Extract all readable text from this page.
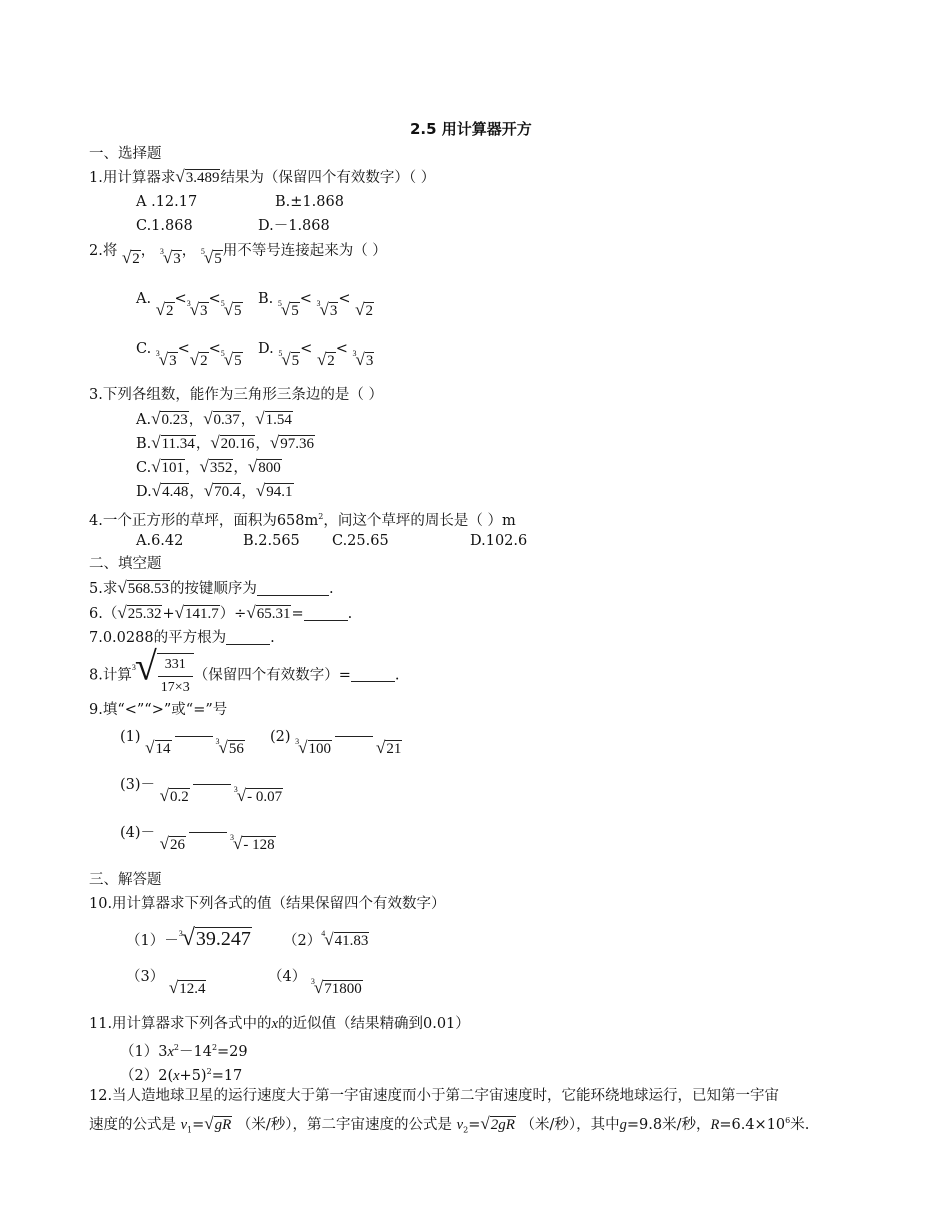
2.5 用计算器开方
一、选择题
1.用计算器求√3.489结果为（保留四个有效数字）（ ）
A .12.17	B.±1.868
C.1.868	D.－1.868
2.将 √2， $^3$√3， $^5$√5用不等号连接起来为（ ）
A. √2<$^3$√3<$^5$√5
B. $^5$√5< $^3$√3< √2
C. $^3$√3<√2<$^5$√5
D. $^5$√5< √2< $^3$√3
3.下列各组数，能作为三角形三条边的是（ ）
A.√0.23，√0.37，√1.54
B.√11.34，√20.16，√97.36
C.√101，√352，√800
D.√4.48，√70.4，√94.1
4.一个正方形的草坪，面积为$658m^2$，问这个草坪的周长是（ ）m
A.6.42	B.2.565 C.25.65	D.102.6
二、填空题
5.求√568.53的按键顺序为	.
6.（√25.32+√141.7）÷√65.31=	.
7.0.0288的平方根为	.
8.计算$^3√ \frac{331}{17\times 3}$ （保留四个有效数字）=	.
9.填“<”“>”或“=”号
(1) √14	$^3$√56
(2) $^3$√100	√21
(3)－ √0.2	$^3$√- 0.07
(4)－ √26	$^3$√- 128
三、解答题
10.用计算器求下列各式的值（结果保留四个有效数字）
（1）－$^3$√39.247 $(2)^4√41.83$
（3） √12.4
（4） $^3$√71800
11.用计算器求下列各式中的x的近似值（结果精确到0.01）
$(1)3x^2-14^2=29$
$(2)2(x+5)^2=17$
12.当人造地球卫星的运行速度大于第一宇宙速度而小于第二宇宙速度时，它能环绕地球运行，已知第一宇宙
速度的公式是 $v_1=√gR$ （米/秒），第二宇宙速度的公式是 $v_2=√2gR$ （米/秒），其中g=9.8米/秒，$R=6.4\times 10^6$米.
